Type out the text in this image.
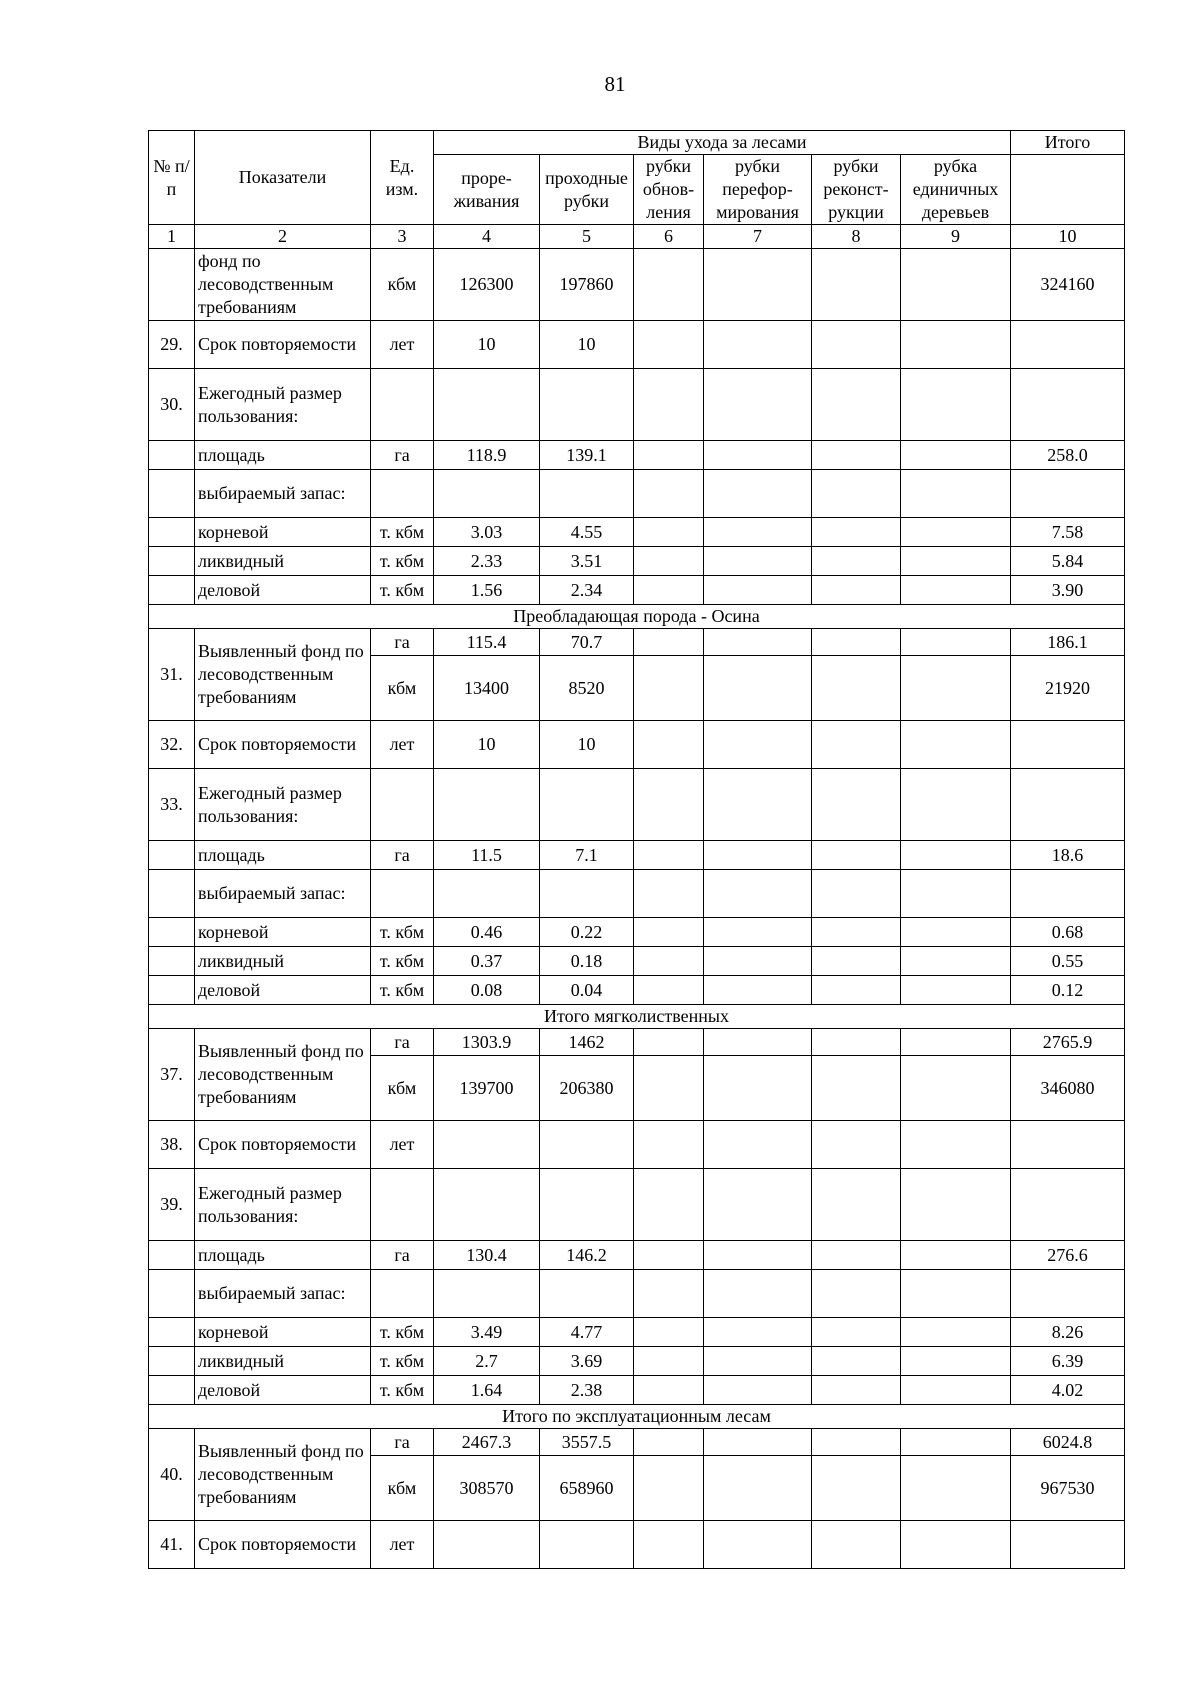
81
№ п/п	Показатели	Ед. изм.	Виды ухода за лесами						Итого
			проре-живания	проходные рубки	рубки обнов-ления	рубки перефор-мирования	рубки реконст-рукции	рубка единичных деревьев	
1	2	3	4	5	6	7	8	9	10
	фонд по лесоводственным требованиям	кбм	126300	197860					324160
29.	Срок повторяемости	лет	10	10					
30.	Ежегодный размер пользования:								
	площадь	га	118.9	139.1					258.0
	выбираемый запас:								
	корневой	т. кбм	3.03	4.55					7.58
	ликвидный	т. кбм	2.33	3.51					5.84
	деловой	т. кбм	1.56	2.34					3.90
Преобладающая порода - Осина									
31.	Выявленный фонд по лесоводственным требованиям	га	115.4	70.7					186.1
		кбм	13400	8520					21920
32.	Срок повторяемости	лет	10	10					
33.	Ежегодный размер пользования:								
	площадь	га	11.5	7.1					18.6
	выбираемый запас:								
	корневой	т. кбм	0.46	0.22					0.68
	ликвидный	т. кбм	0.37	0.18					0.55
	деловой	т. кбм	0.08	0.04					0.12
Итого мягколиственных									
37.	Выявленный фонд по лесоводственным требованиям	га	1303.9	1462					2765.9
		кбм	139700	206380					346080
38.	Срок повторяемости	лет							
39.	Ежегодный размер пользования:								
	площадь	га	130.4	146.2					276.6
	выбираемый запас:								
	корневой	т. кбм	3.49	4.77					8.26
	ликвидный	т. кбм	2.7	3.69					6.39
	деловой	т. кбм	1.64	2.38					4.02
Итого по эксплуатационным лесам									
40.	Выявленный фонд по лесоводственным требованиям	га	2467.3	3557.5					6024.8
		кбм	308570	658960					967530
41.	Срок повторяемости	лет							
